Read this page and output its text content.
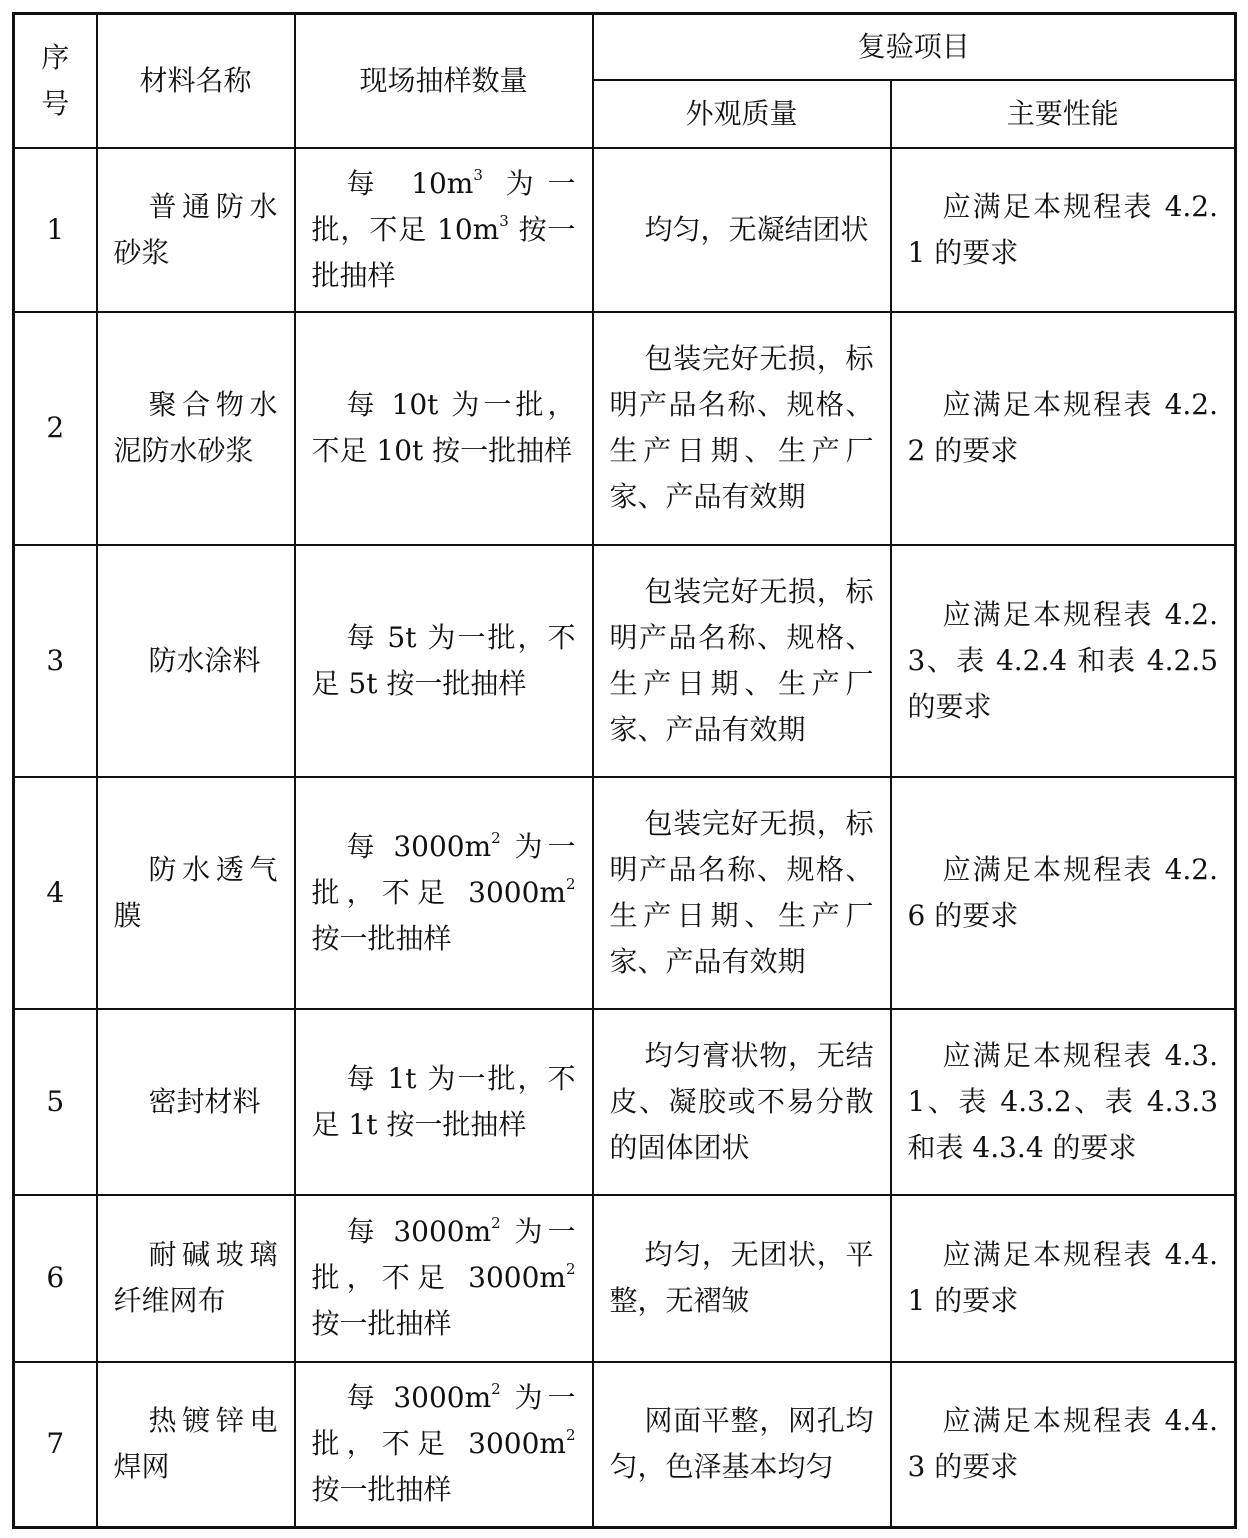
序号	材料名称	现场抽样数量	复验项目	
			外观质量	主要性能
1	普通防水砂浆	每 $10m^3$ 为一批，不足 $10m^3$ 按一批抽样	均匀，无凝结团状	应满足本规程表 4.2.1 的要求
2	聚合物水泥防水砂浆	每 10t 为一批，不足 10t 按一批抽样	包装完好无损，标明产品名称、规格、生产日期、生产厂家、产品有效期	应满足本规程表 4.2.2 的要求
3	防水涂料	每 5t 为一批，不足 5t 按一批抽样	包装完好无损，标明产品名称、规格、生产日期、生产厂家、产品有效期	应满足本规程表 4.2.3、表 4.2.4 和表 4.2.5 的要求
4	防水透气膜	每 $3000m^2$ 为一批，不足 $3000m^2$ 按一批抽样	包装完好无损，标明产品名称、规格、生产日期、生产厂家、产品有效期	应满足本规程表 4.2.6 的要求
5	密封材料	每 1t 为一批，不足 1t 按一批抽样	均匀膏状物，无结皮、凝胶或不易分散的固体团状	应满足本规程表 4.3.1、表 4.3.2、表 4.3.3 和表 4.3.4 的要求
6	耐碱玻璃纤维网布	每 $3000m^2$ 为一批，不足 $3000m^2$ 按一批抽样	均匀，无团状，平整，无褶皱	应满足本规程表 4.4.1 的要求
7	热镀锌电焊网	每 $3000m^2$ 为一批，不足 $3000m^2$ 按一批抽样	网面平整，网孔均匀，色泽基本均匀	应满足本规程表 4.4.3 的要求
